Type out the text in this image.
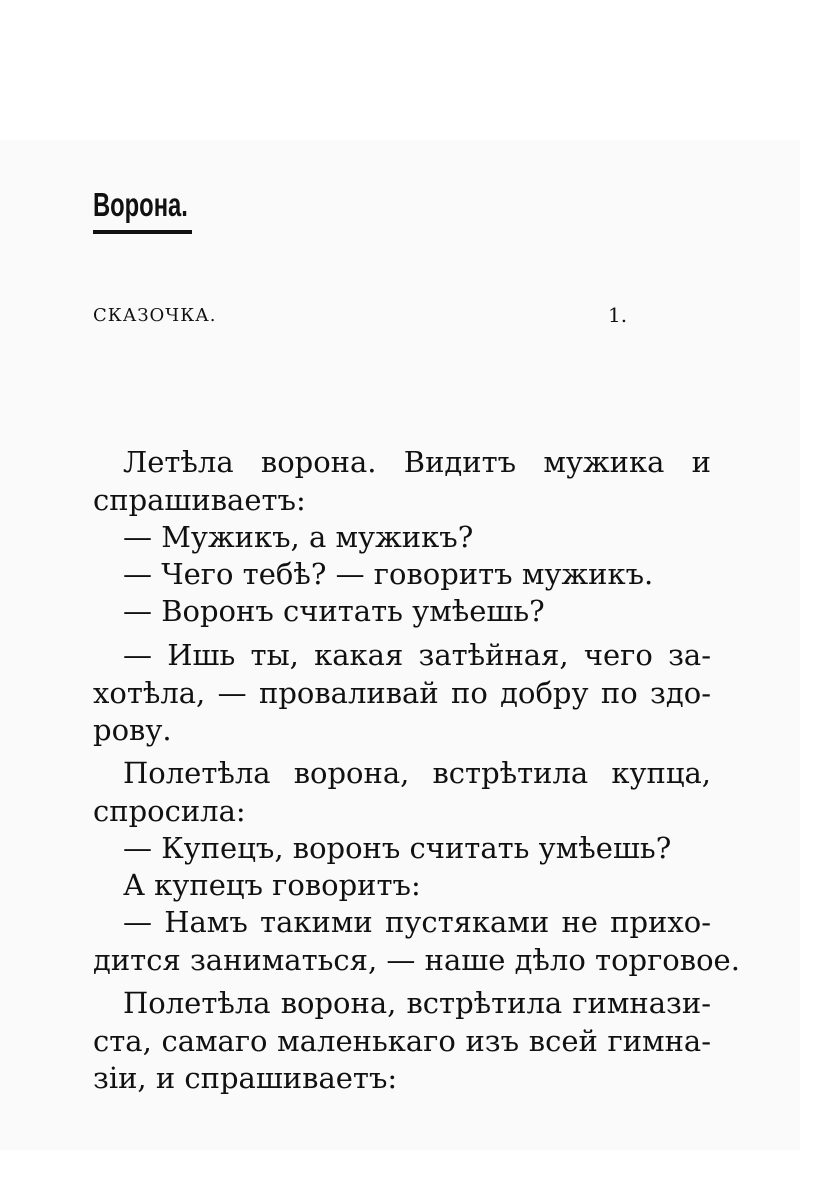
Ворона.
СКАЗОЧКА.	1.
Летѣла ворона. Видитъ мужика и
спрашиваетъ:
— Мужикъ, а мужикъ?
— Чего тебѣ? — говоритъ мужикъ.
— Воронъ считать умѣешь?
— Ишь ты, какая затѣйная, чего за-
хотѣла, — проваливай по добру по здо-
рову.
Полетѣла ворона, встрѣтила купца,
спросила:
— Купецъ, воронъ считать умѣешь?
А купецъ говоритъ:
— Намъ такими пустяками не прихо-
дится заниматься, — наше дѣло торговое.
Полетѣла ворона, встрѣтила гимнази-
ста, самаго маленькаго изъ всей гимна-
зіи, и спрашиваетъ:
